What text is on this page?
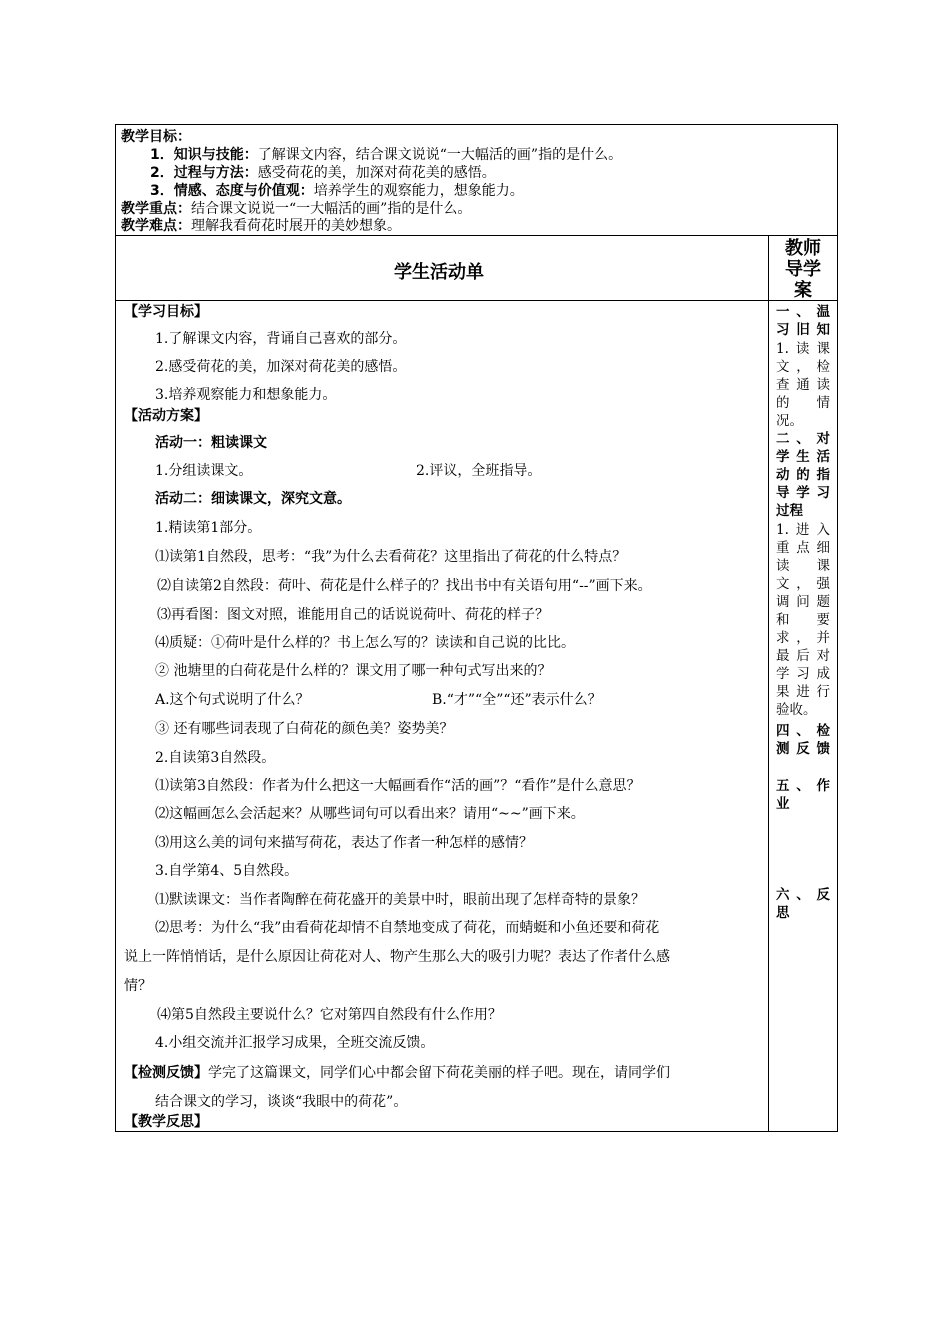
教学目标：
1．知识与技能：了解课文内容，结合课文说说“一大幅活的画”指的是什么。
2．过程与方法：感受荷花的美，加深对荷花美的感悟。
3．情感、态度与价值观：培养学生的观察能力，想象能力。
教学重点：结合课文说说一“一大幅活的画”指的是什么。
教学难点：理解我看荷花时展开的美妙想象。
学生活动单
教师
导学
案
【学习目标】
1.了解课文内容，背诵自己喜欢的部分。
2.感受荷花的美，加深对荷花美的感悟。
3.培养观察能力和想象能力。
【活动方案】
活动一：粗读课文
1.分组读课文。	2.评议，全班指导。
活动二：细读课文，深究文意。
1.精读第1部分。
⑴读第1自然段，思考：“我”为什么去看荷花？这里指出了荷花的什么特点？
⑵自读第2自然段：荷叶、荷花是什么样子的？找出书中有关语句用“--”画下来。
⑶再看图：图文对照，谁能用自己的话说说荷叶、荷花的样子？
⑷质疑：①荷叶是什么样的？书上怎么写的？读读和自己说的比比。
② 池塘里的白荷花是什么样的？课文用了哪一种句式写出来的？
A.这个句式说明了什么？	B.“才”“全”“还”表示什么？
③ 还有哪些词表现了白荷花的颜色美？姿势美？
2.自读第3自然段。
⑴读第3自然段：作者为什么把这一大幅画看作“活的画”？“看作”是什么意思？
⑵这幅画怎么会活起来？从哪些词句可以看出来？请用“~~”画下来。
⑶用这么美的词句来描写荷花，表达了作者一种怎样的感情？
3.自学第4、5自然段。
⑴默读课文：当作者陶醉在荷花盛开的美景中时，眼前出现了怎样奇特的景象？
⑵思考：为什么“我”由看荷花却情不自禁地变成了荷花，而蜻蜓和小鱼还要和荷花
说上一阵悄悄话，是什么原因让荷花对人、物产生那么大的吸引力呢？表达了作者什么感
情？
⑷第5自然段主要说什么？它对第四自然段有什么作用？
4.小组交流并汇报学习成果，全班交流反馈。
【检测反馈】学完了这篇课文，同学们心中都会留下荷花美丽的样子吧。现在，请同学们
结合课文的学习，谈谈“我眼中的荷花”。
【教学反思】
一、温
习旧知
1.读课
文，检
查通读
的　情
况。
二、对
学生活
动的指
导学习
过程
1.进入
重点细
读　课
文，强
调问题
和　要
求，并
最后对
学习成
果进行
验收。
四、检
测反馈
五、作
业
六、反
思
